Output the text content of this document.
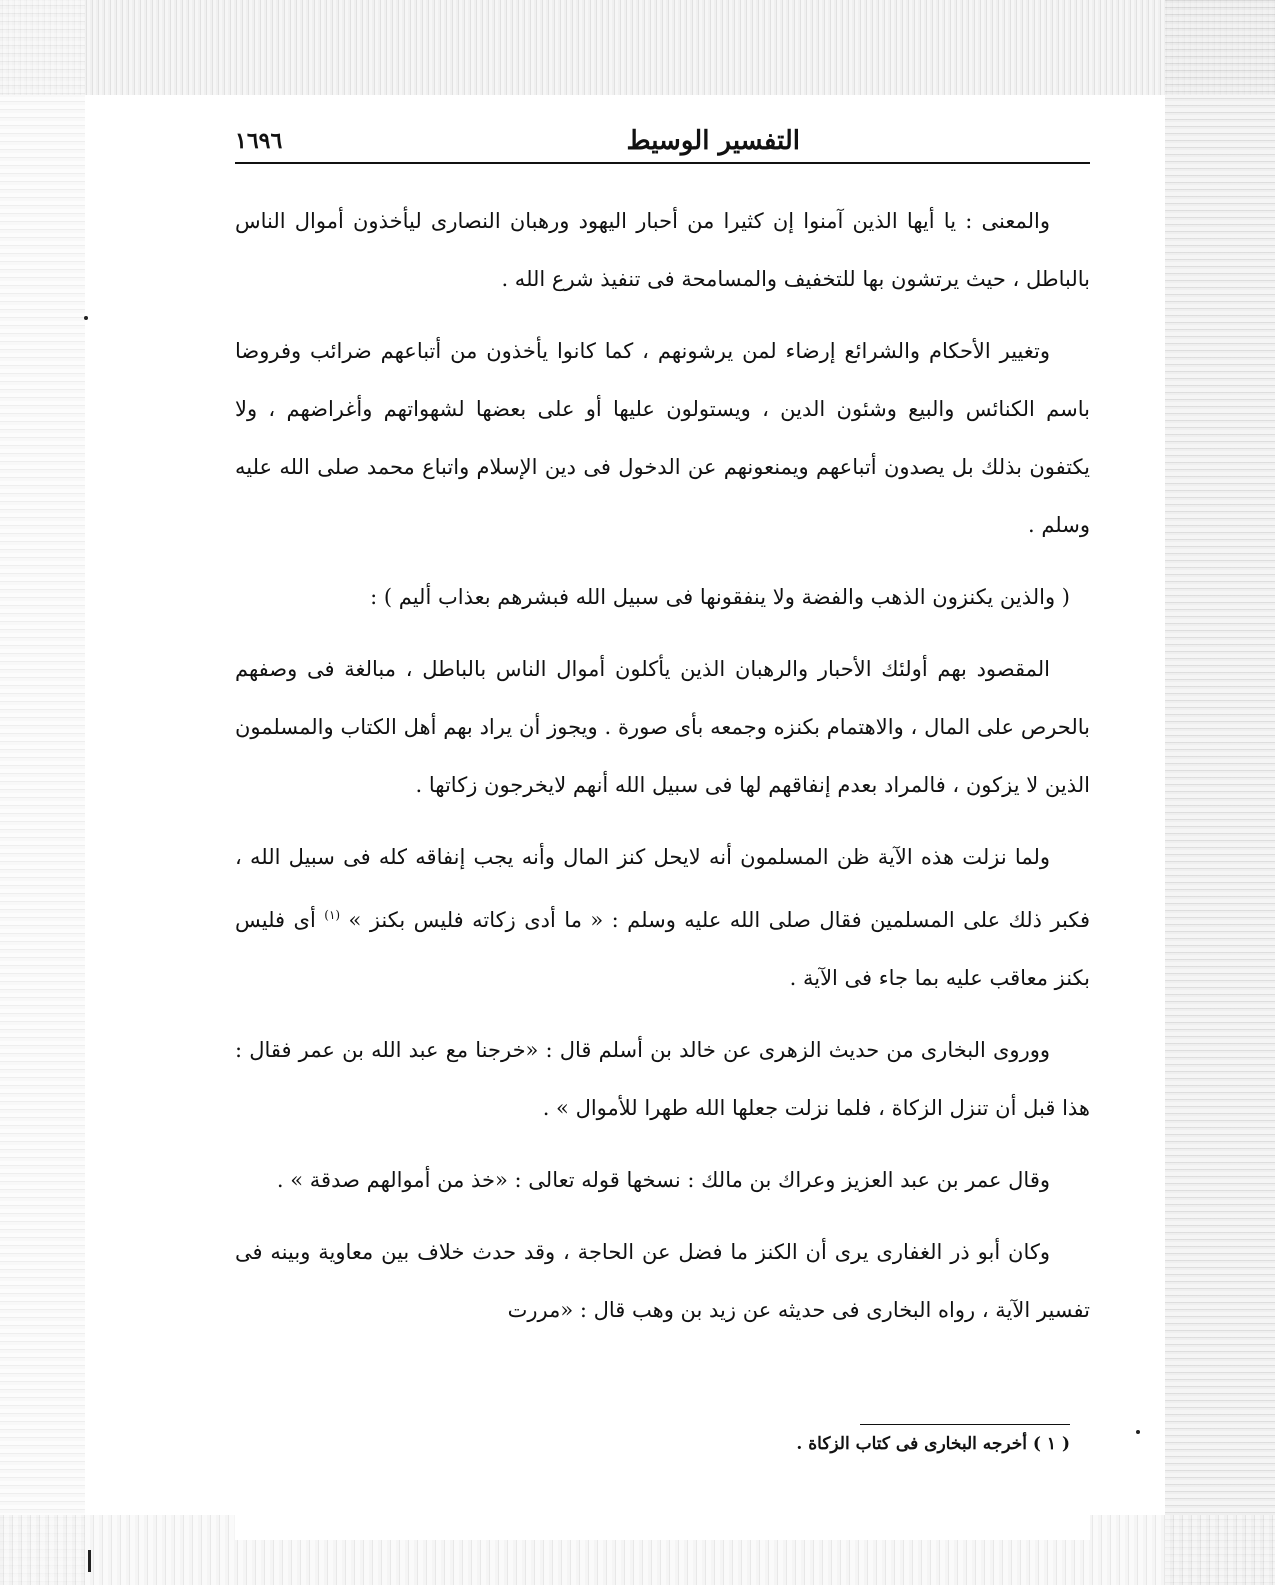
التفسير الوسيط
١٦٩٦

والمعنى : يا أيها الذين آمنوا إن كثيرا من أحبار اليهود ورهبان النصارى ليأخذون أموال الناس بالباطل ، حيث يرتشون بها للتخفيف والمسامحة فى تنفيذ شرع الله .

وتغيير الأحكام والشرائع إرضاء لمن يرشونهم ، كما كانوا يأخذون من أتباعهم ضرائب وفروضا باسم الكنائس والبيع وشئون الدين ، ويستولون عليها أو على بعضها لشهواتهم وأغراضهم ، ولا يكتفون بذلك بل يصدون أتباعهم ويمنعونهم عن الدخول فى دين الإسلام واتباع محمد صلى الله عليه وسلم .

( والذين يكنزون الذهب والفضة ولا ينفقونها فى سبيل الله فبشرهم بعذاب أليم ) :

المقصود بهم أولئك الأحبار والرهبان الذين يأكلون أموال الناس بالباطل ، مبالغة فى وصفهم بالحرص على المال ، والاهتمام بكنزه وجمعه بأى صورة . ويجوز أن يراد بهم أهل الكتاب والمسلمون الذين لا يزكون ، فالمراد بعدم إنفاقهم لها فى سبيل الله أنهم لايخرجون زكاتها .

ولما نزلت هذه الآية ظن المسلمون أنه لايحل كنز المال وأنه يجب إنفاقه كله فى سبيل الله ، فكبر ذلك على المسلمين فقال صلى الله عليه وسلم : « ما أدى زكاته فليس بكنز » $^{(١)}$ أى فليس بكنز معاقب عليه بما جاء فى الآية .

ووروى البخارى من حديث الزهرى عن خالد بن أسلم قال : «خرجنا مع عبد الله بن عمر فقال : هذا قبل أن تنزل الزكاة ، فلما نزلت جعلها الله طهرا للأموال » .

وقال عمر بن عبد العزيز وعراك بن مالك : نسخها قوله تعالى : «خذ من أموالهم صدقة » .

وكان أبو ذر الغفارى يرى أن الكنز ما فضل عن الحاجة ، وقد حدث خلاف بين معاوية وبينه فى تفسير الآية ، رواه البخارى فى حديثه عن زيد بن وهب قال : «مررت

( ١ ) أخرجه البخارى فى كتاب الزكاة .
